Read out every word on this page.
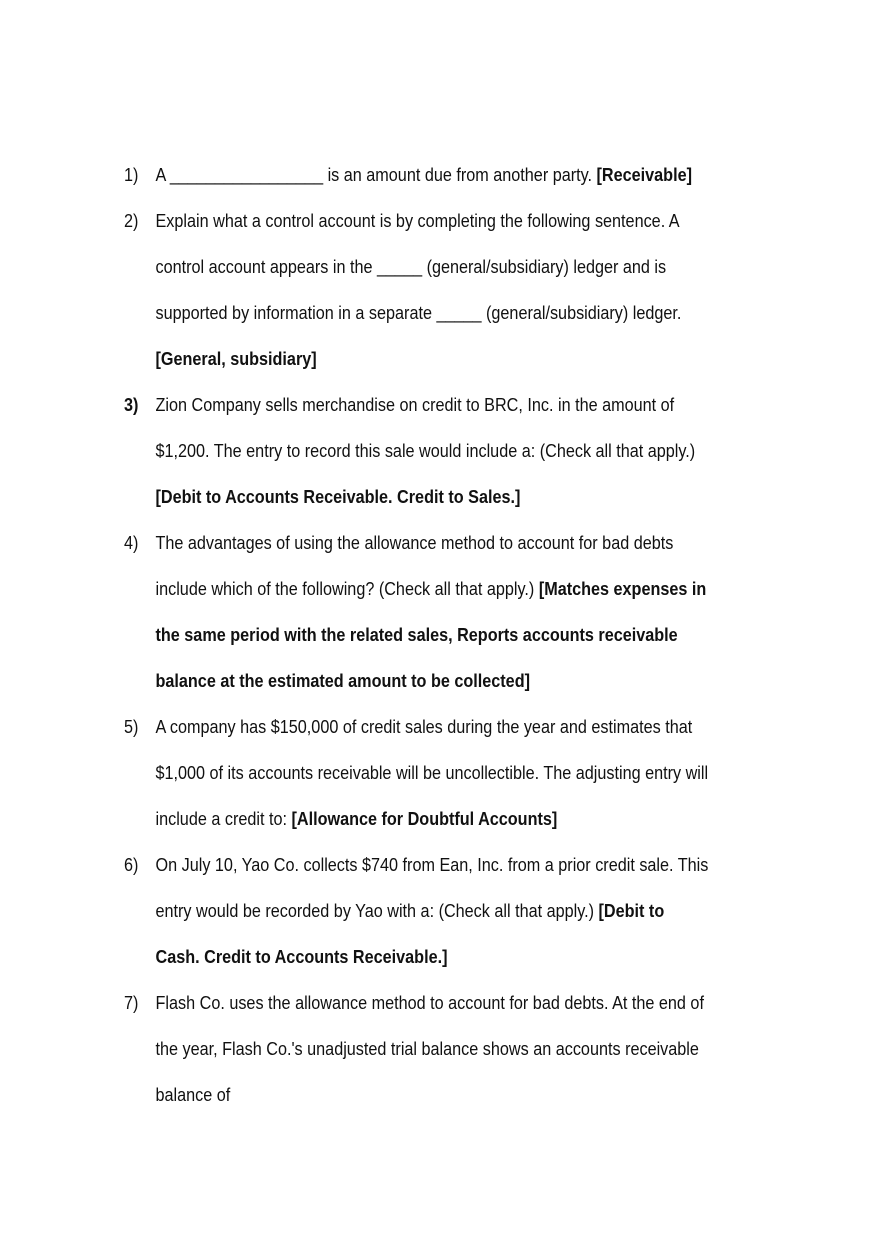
1) A _________________ is an amount due from another party. [Receivable]
2) Explain what a control account is by completing the following sentence. A control account appears in the _____ (general/subsidiary) ledger and is supported by information in a separate _____ (general/subsidiary) ledger. [General, subsidiary]
3) Zion Company sells merchandise on credit to BRC, Inc. in the amount of $1,200. The entry to record this sale would include a: (Check all that apply.) [Debit to Accounts Receivable. Credit to Sales.]
4) The advantages of using the allowance method to account for bad debts include which of the following? (Check all that apply.) [Matches expenses in the same period with the related sales, Reports accounts receivable balance at the estimated amount to be collected]
5) A company has $150,000 of credit sales during the year and estimates that $1,000 of its accounts receivable will be uncollectible. The adjusting entry will include a credit to: [Allowance for Doubtful Accounts]
6) On July 10, Yao Co. collects $740 from Ean, Inc. from a prior credit sale. This entry would be recorded by Yao with a: (Check all that apply.) [Debit to Cash. Credit to Accounts Receivable.]
7) Flash Co. uses the allowance method to account for bad debts. At the end of the year, Flash Co.'s unadjusted trial balance shows an accounts receivable balance of
